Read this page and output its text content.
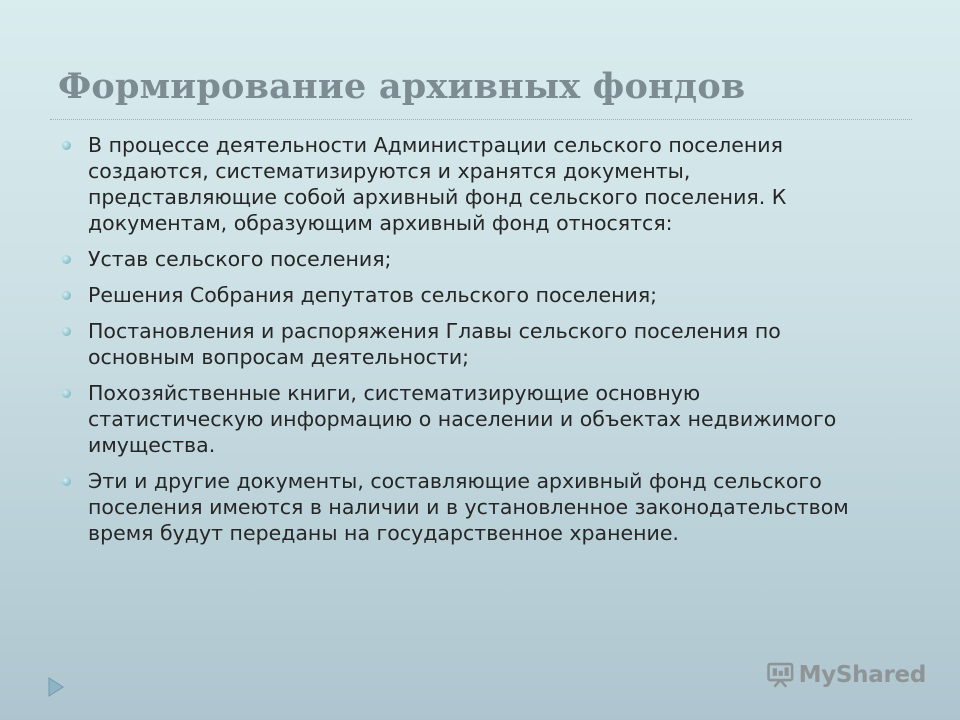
Формирование архивных фондов
В процессе деятельности Администрации сельского поселения создаются, систематизируются и хранятся документы, представляющие собой архивный фонд сельского поселения. К документам, образующим архивный фонд относятся:
Устав сельского поселения;
Решения Собрания депутатов сельского поселения;
Постановления и распоряжения Главы сельского поселения по основным вопросам деятельности;
Похозяйственные книги, систематизирующие основную статистическую информацию о населении и объектах недвижимого имущества.
Эти и другие документы, составляющие архивный фонд сельского поселения имеются в наличии и в установленное законодательством время будут переданы на государственное хранение.
MyShared
